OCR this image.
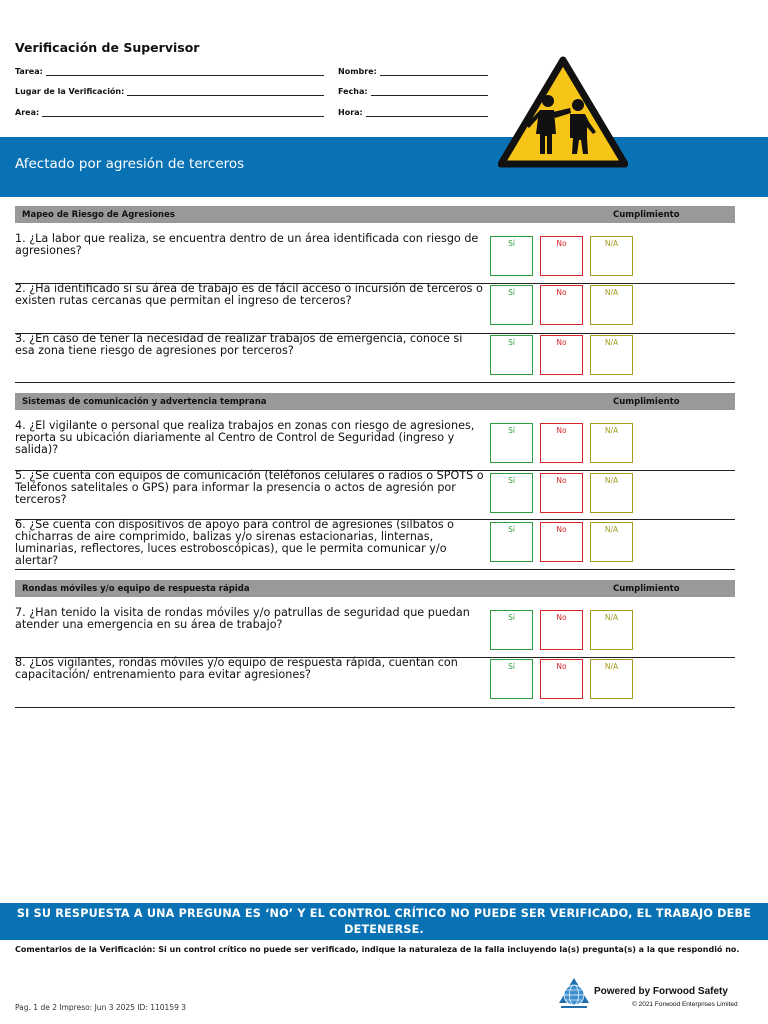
Verificación de Supervisor
Tarea:
Lugar de la Verificación:
Area:
Nombre:
Fecha:
Hora:
Afectado por agresión de terceros
Mapeo de Riesgo de Agresiones	Cumplimiento
1. ¿La labor que realiza, se encuentra dentro de un área identificada con riesgo de agresiones?
Sí	No	N/A
2. ¿Ha identificado si su área de trabajo es de fácil acceso o incursión de terceros o existen rutas cercanas que permitan el ingreso de terceros?
Sí	No	N/A
3. ¿En caso de tener la necesidad de realizar trabajos de emergencia, conoce si esa zona tiene riesgo de agresiones por terceros?
Sí	No	N/A
Sistemas de comunicación y advertencia temprana	Cumplimiento
4. ¿El vigilante o personal que realiza trabajos en zonas con riesgo de agresiones, reporta su ubicación diariamente al Centro de Control de Seguridad (ingreso y salida)?
Sí	No	N/A
5. ¿Se cuenta con equipos de comunicación (teléfonos celulares o radios o SPOTS o Teléfonos satelitales o GPS) para informar la presencia o actos de agresión por terceros?
Sí	No	N/A
6. ¿Se cuenta con dispositivos de apoyo para control de agresiones (silbatos o chicharras de aire comprimido, balizas y/o sirenas estacionarias, linternas, luminarias, reflectores, luces estroboscópicas), que le permita comunicar y/o alertar?
Sí	No	N/A
Rondas móviles y/o equipo de respuesta rápida	Cumplimiento
7. ¿Han tenido la visita de rondas móviles y/o patrullas de seguridad que puedan atender una emergencia en su área de trabajo?
Sí	No	N/A
8. ¿Los vigilantes, rondas móviles y/o equipo de respuesta rápida, cuentan con capacitación/ entrenamiento para evitar agresiones?
Sí	No	N/A
SI SU RESPUESTA A UNA PREGUNA ES ‘NO’ Y EL CONTROL CRÍTICO NO PUEDE SER VERIFICADO, EL TRABAJO DEBE DETENERSE.
Comentarios de la Verificación: Si un control crítico no puede ser verificado, indique la naturaleza de la falla incluyendo la(s) pregunta(s) a la que respondió no.
Pag. 1 de 2 Impreso: Jun 3 2025 ID: 110159 3
Powered by Forwood Safety
© 2021 Forwood Enterprises Limited
